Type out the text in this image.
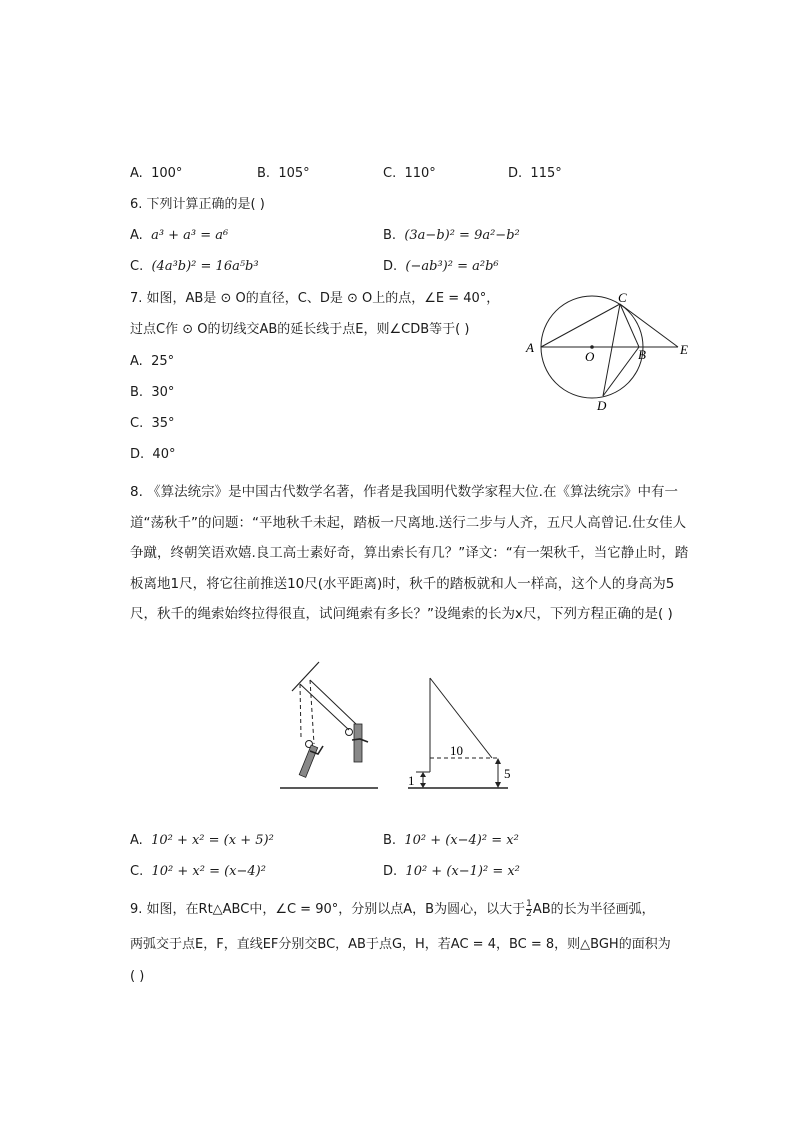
A. 100°	B. 105°	C. 110°	D. 115°
6. 下列计算正确的是( )
A. a³ + a³ = a⁶	B. (3a−b)² = 9a²−b²
C. (4a³b)² = 16a⁵b³	D. (−ab³)² = a²b⁶
7. 如图，AB是 ⊙ O的直径，C、D是 ⊙ O上的点，∠E = 40°，
过点C作 ⊙ O的切线交AB的延长线于点E，则∠CDB等于( )
A. 25°
B. 30°
C. 35°
D. 40°
A
O	B	E
C
D
8. 《算法统宗》是中国古代数学名著，作者是我国明代数学家程大位.在《算法统宗》中有一道“荡秋千”的问题：“平地秋千未起，踏板一尺离地.送行二步与人齐，五尺人高曾记.仕女佳人争蹴，终朝笑语欢嬉.良工高士素好奇，算出索长有几？”译文：“有一架秋千，当它静止时，踏板离地1尺，将它往前推送10尺(水平距离)时，秋千的踏板就和人一样高，这个人的身高为5尺，秋千的绳索始终拉得很直，试问绳索有多长？”设绳索的长为x尺，下列方程正确的是( )
10
1	5
A. 10² + x² = (x + 5)²	B. 10² + (x−4)² = x²
C. 10² + x² = (x−4)²	D. 10² + (x−1)² = x²
9. 如图，在Rt△ABC中，∠C = 90°，分别以点A，B为圆心，以大于 $\frac{1}{2}$ AB的长为半径画弧，
两弧交于点E，F，直线EF分别交BC，AB于点G，H，若AC = 4，BC = 8，则△BGH的面积为
( )
